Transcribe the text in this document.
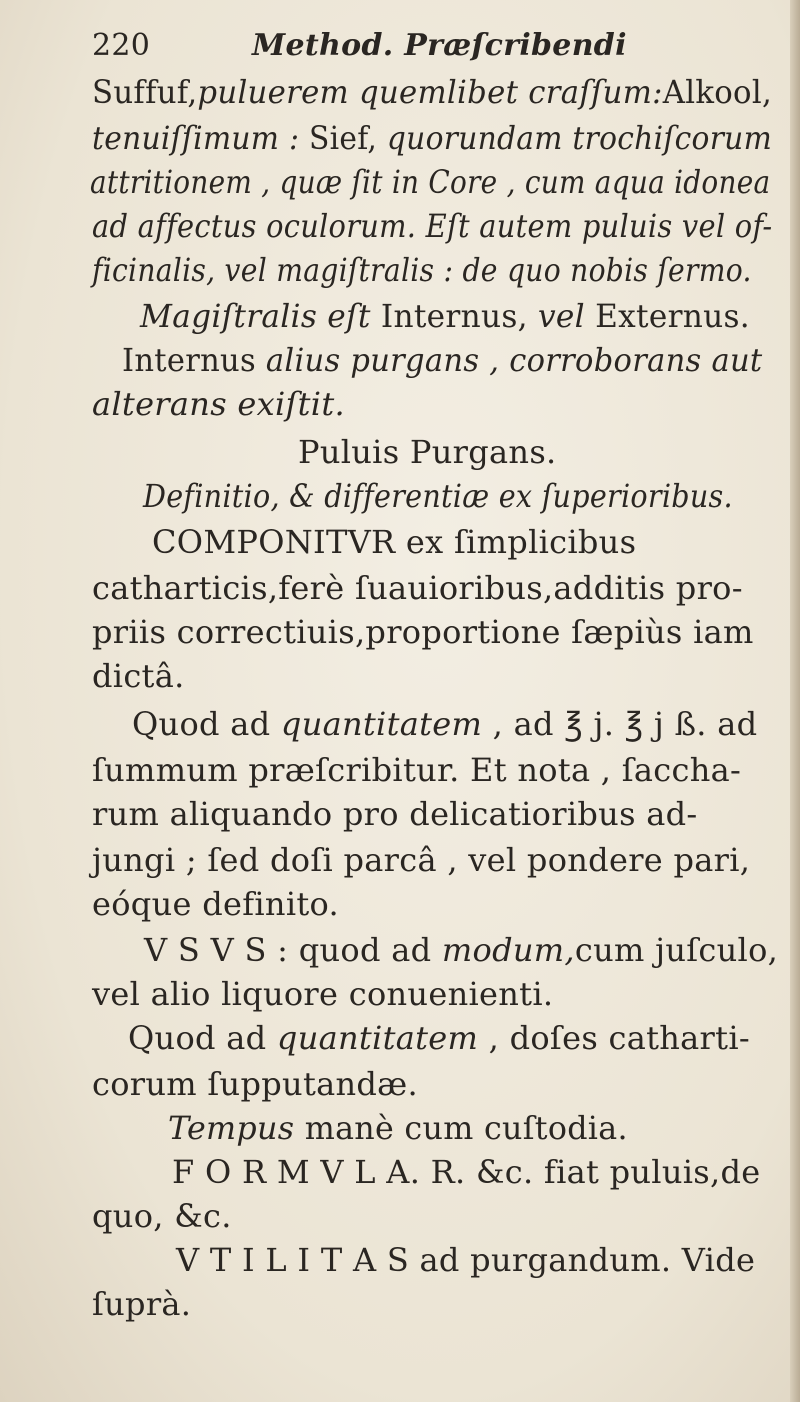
220	Method. Præſcribendi
Suffuf,puluerem quemlibet craſſum:Alkool,
tenuiſſimum : Sief, quorundam trochiſcorum
attritionem , quæ ſit in Core , cum aqua idonea
ad affectus oculorum. Eſt autem puluis vel of-
ficinalis, vel magiſtralis : de quo nobis ſermo.
Magiſtralis eſt Internus, vel Externus.
Internus alius purgans , corroborans aut
alterans exiſtit.
Puluis Purgans.
Definitio, & differentiæ ex ſuperioribus.
COMPONITVR ex ſimplicibus
catharticis,ferè ſuauioribus,additis pro-
priis correctiuis,proportione ſæpiùs iam
dictâ.
Quod ad quantitatem , ad ℥ j. ℥ j ß. ad
ſummum præſcribitur. Et nota , ſaccha-
rum aliquando pro delicatioribus ad-
jungi ; ſed doſi parcâ , vel pondere pari,
eóque definito.
V S V S : quod ad modum,cum juſculo,
vel alio liquore conuenienti.
Quod ad quantitatem , doſes catharti-
corum ſupputandæ.
Tempus manè cum cuſtodia.
F O R M V L A. R. &c. fiat puluis,de
quo, &c.
V T I L I T A S ad purgandum. Vide
ſuprà.
